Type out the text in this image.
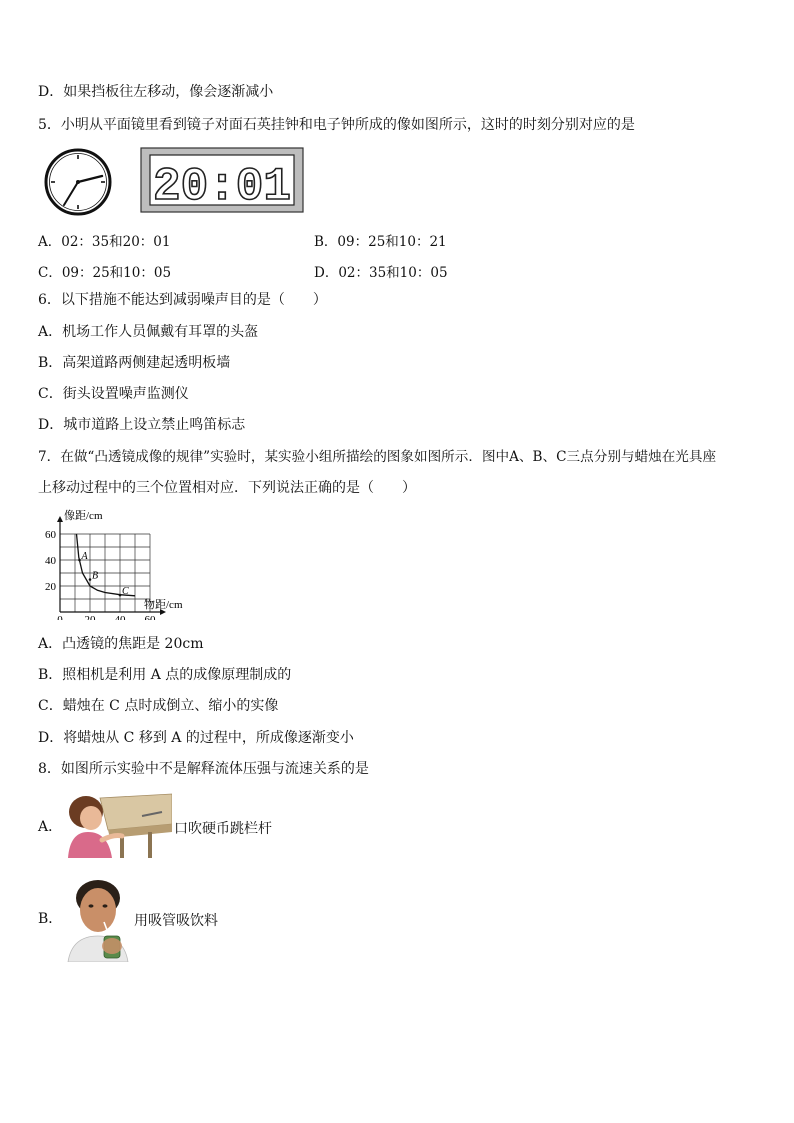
D．如果挡板往左移动，像会逐渐减小
5．小明从平面镜里看到镜子对面石英挂钟和电子钟所成的像如图所示，这时的时刻分别对应的是
20:01
A．02：35和20：01	B．09：25和10：21
C．09：25和10：05	D．02：35和10：05
6．以下措施不能达到减弱噪声目的是（　　）
A．机场工作人员佩戴有耳罩的头盔
B．高架道路两侧建起透明板墙
C．街头设置噪声监测仪
D．城市道路上设立禁止鸣笛标志
7．在做“凸透镜成像的规律”实验时，某实验小组所描绘的图象如图所示．图中A、B、C三点分别与蜡烛在光具座
上移动过程中的三个位置相对应．下列说法正确的是（　　）
0 20 40 60
20
40
60
A
B
C
像距/cm
物距/cm
A．凸透镜的焦距是 20cm
B．照相机是利用 A 点的成像原理制成的
C．蜡烛在 C 点时成倒立、缩小的实像
D．将蜡烛从 C 移到 A 的过程中，所成像逐渐变小
8．如图所示实验中不是解释流体压强与流速关系的是
A．	口吹硬币跳栏杆
B．	用吸管吸饮料
